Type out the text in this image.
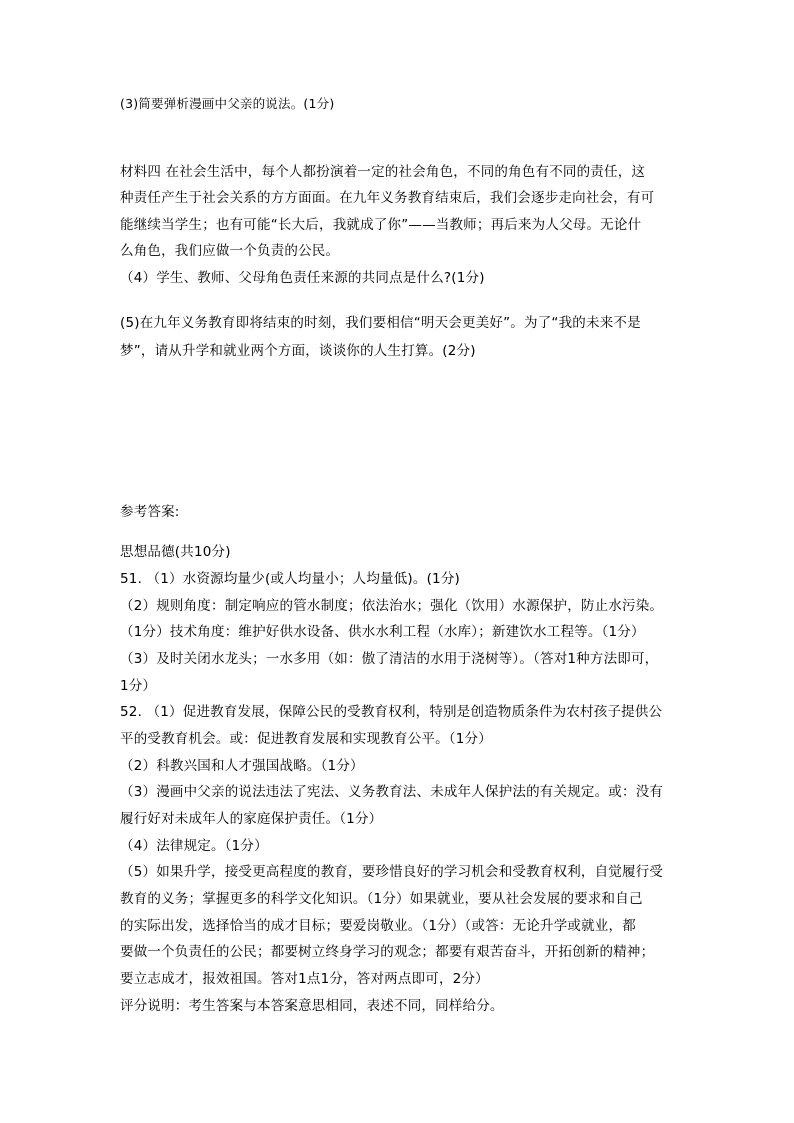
(3)简要弹析漫画中父亲的说法。(1分)

材料四 在社会生活中，每个人都扮演着一定的社会角色，不同的角色有不同的责任，这

种责任产生于社会关系的方方面面。在九年义务教育结束后，我们会逐步走向社会，有可

能继续当学生；也有可能“长大后，我就成了你”——当教师；再后来为人父母。无论什

么角色，我们应做一个负责的公民。

（4）学生、教师、父母角色责任来源的共同点是什么?(1分)

(5)在九年义务教育即将结束的时刻，我们要相信“明天会更美好”。为了“我的未来不是

梦”，请从升学和就业两个方面，谈谈你的人生打算。(2分)

参考答案:

思想品德(共10分)

51. （1）水资源均量少(或人均量小；人均量低)。(1分)

（2）规则角度：制定响应的管水制度；依法治水；强化（饮用）水源保护，防止水污染。

（1分）技术角度：维护好供水设备、供水水利工程（水库）；新建饮水工程等。（1分）

（3）及时关闭水龙头；一水多用（如：傲了清洁的水用于浇树等）。（答对1种方法即可，

1分）

52. （1）促进教育发展，保障公民的受教育权利，特别是创造物质条件为农村孩子提供公

平的受教育机会。或：促进教育发展和实现教育公平。（1分）

（2）科教兴国和人才强国战略。（1分）

（3）漫画中父亲的说法违法了宪法、义务教育法、未成年人保护法的有关规定。或：没有

履行好对未成年人的家庭保护责任。（1分）

（4）法律规定。（1分）

（5）如果升学，接受更高程度的教育，要珍惜良好的学习机会和受教育权利，自觉履行受

教育的义务；掌握更多的科学文化知识。（1分）如果就业，要从社会发展的要求和自己

的实际出发，选择恰当的成才目标；要爱岗敬业。（1分）（或答：无论升学或就业，都

要做一个负责任的公民；都要树立终身学习的观念；都要有艰苦奋斗，开拓创新的精神；

要立志成才，报效祖国。答对1点1分，答对两点即可，2分）

评分说明：考生答案与本答案意思相同，表述不同，同样给分。
